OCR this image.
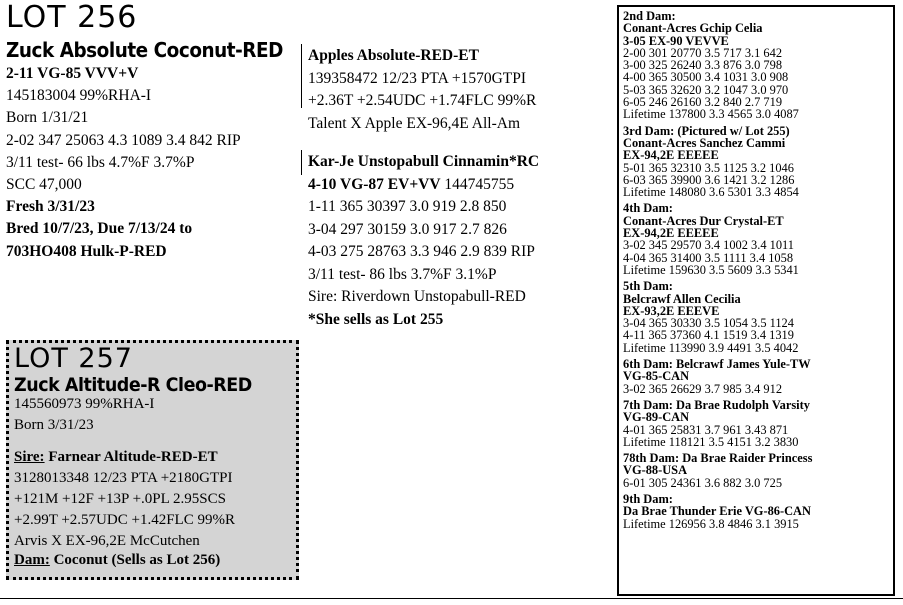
LOT 256
Zuck Absolute Coconut-RED
2-11 VG-85 VVV+V
145183004 99%RHA-I
Born 1/31/21
2-02 347 25063 4.3 1089 3.4 842 RIP
3/11 test- 66 lbs 4.7%F 3.7%P
SCC 47,000
Fresh 3/31/23
Bred 10/7/23, Due 7/13/24 to
703HO408 Hulk-P-RED
Apples Absolute-RED-ET
139358472 12/23 PTA +1570GTPI
+2.36T +2.54UDC +1.74FLC 99%R
Talent X Apple EX-96,4E All-Am
Kar-Je Unstopabull Cinnamin*RC
4-10 VG-87 EV+VV 144745755
1-11 365 30397 3.0 919 2.8 850
3-04 297 30159 3.0 917 2.7 826
4-03 275 28763 3.3 946 2.9 839 RIP
3/11 test- 86 lbs 3.7%F 3.1%P
Sire: Riverdown Unstopabull-RED
*She sells as Lot 255
LOT 257
Zuck Altitude-R Cleo-RED
145560973 99%RHA-I
Born 3/31/23
Sire: Farnear Altitude-RED-ET
3128013348 12/23 PTA +2180GTPI
+121M +12F +13P +.0PL 2.95SCS
+2.99T +2.57UDC +1.42FLC 99%R
Arvis X EX-96,2E McCutchen
Dam: Coconut (Sells as Lot 256)
2nd Dam:
Conant-Acres Gchip Celia
3-05 EX-90 VEVVE
2-00 301 20770 3.5 717 3.1 642
3-00 325 26240 3.3 876 3.0 798
4-00 365 30500 3.4 1031 3.0 908
5-03 365 32620 3.2 1047 3.0 970
6-05 246 26160 3.2 840 2.7 719
Lifetime 137800 3.3 4565 3.0 4087
3rd Dam: (Pictured w/ Lot 255)
Conant-Acres Sanchez Cammi
EX-94,2E EEEEE
5-01 365 32310 3.5 1125 3.2 1046
6-03 365 39900 3.6 1421 3.2 1286
Lifetime 148080 3.6 5301 3.3 4854
4th Dam:
Conant-Acres Dur Crystal-ET
EX-94,2E EEEEE
3-02 345 29570 3.4 1002 3.4 1011
4-04 365 31400 3.5 1111 3.4 1058
Lifetime 159630 3.5 5609 3.3 5341
5th Dam:
Belcrawf Allen Cecilia
EX-93,2E EEEVE
3-04 365 30330 3.5 1054 3.5 1124
4-11 365 37360 4.1 1519 3.4 1319
Lifetime 113990 3.9 4491 3.5 4042
6th Dam: Belcrawf James Yule-TW
VG-85-CAN
3-02 365 26629 3.7 985 3.4 912
7th Dam: Da Brae Rudolph Varsity
VG-89-CAN
4-01 365 25831 3.7 961 3.43 871
Lifetime 118121 3.5 4151 3.2 3830
78th Dam: Da Brae Raider Princess
VG-88-USA
6-01 305 24361 3.6 882 3.0 725
9th Dam:
Da Brae Thunder Erie VG-86-CAN
Lifetime 126956 3.8 4846 3.1 3915
